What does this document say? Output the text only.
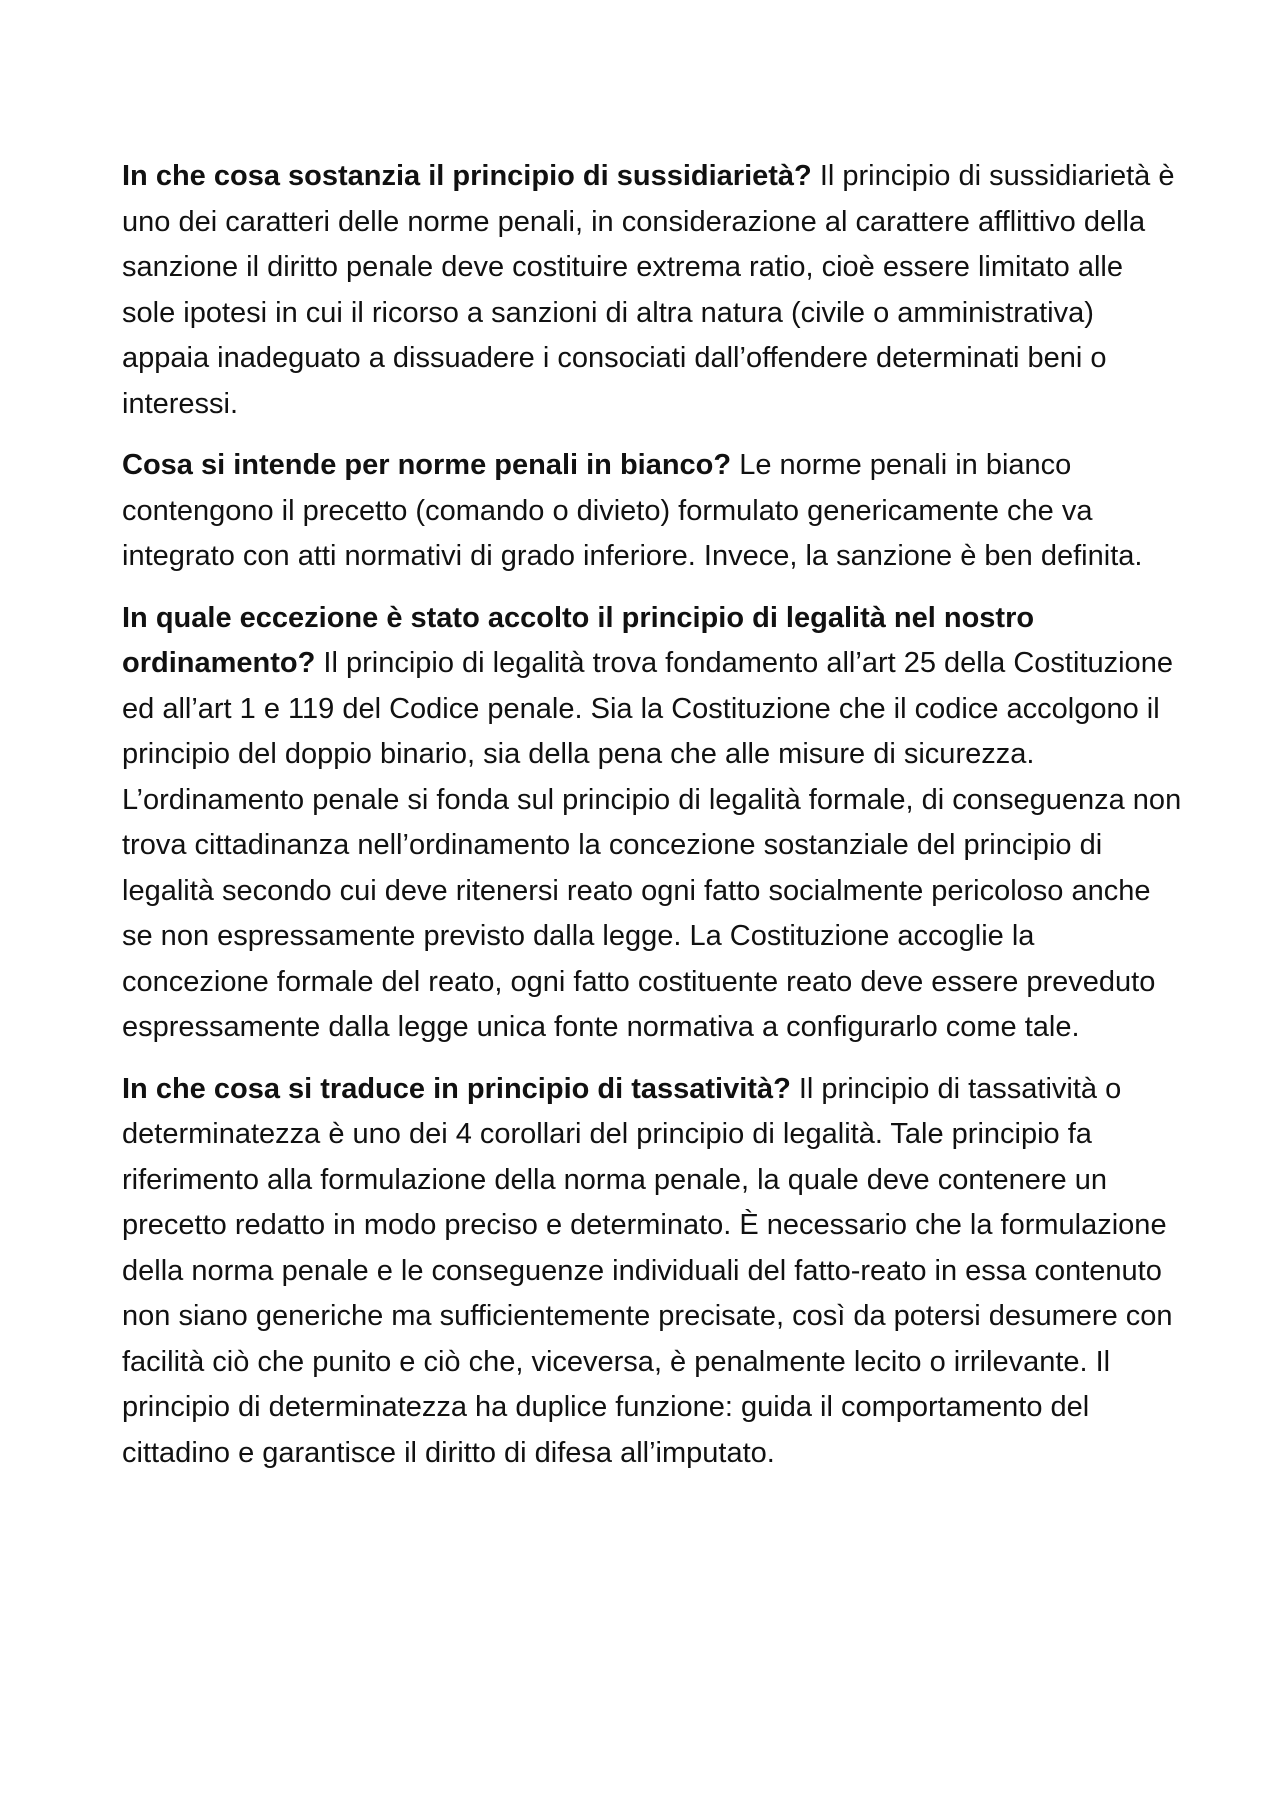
In che cosa sostanzia il principio di sussidiarietà? Il principio di sussidiarietà è uno dei caratteri delle norme penali, in considerazione al carattere afflittivo della sanzione il diritto penale deve costituire extrema ratio, cioè essere limitato alle sole ipotesi in cui il ricorso a sanzioni di altra natura (civile o amministrativa) appaia inadeguato a dissuadere i consociati dall’offendere determinati beni o interessi.

Cosa si intende per norme penali in bianco? Le norme penali in bianco contengono il precetto (comando o divieto) formulato genericamente che va integrato con atti normativi di grado inferiore. Invece, la sanzione è ben definita.

In quale eccezione è stato accolto il principio di legalità nel nostro ordinamento? Il principio di legalità trova fondamento all’art 25 della Costituzione ed all’art 1 e 119 del Codice penale. Sia la Costituzione che il codice accolgono il principio del doppio binario, sia della pena che alle misure di sicurezza. L’ordinamento penale si fonda sul principio di legalità formale, di conseguenza non trova cittadinanza nell’ordinamento la concezione sostanziale del principio di legalità secondo cui deve ritenersi reato ogni fatto socialmente pericoloso anche se non espressamente previsto dalla legge. La Costituzione accoglie la concezione formale del reato, ogni fatto costituente reato deve essere preveduto espressamente dalla legge unica fonte normativa a configurarlo come tale.

In che cosa si traduce in principio di tassatività? Il principio di tassatività o determinatezza è uno dei 4 corollari del principio di legalità. Tale principio fa riferimento alla formulazione della norma penale, la quale deve contenere un precetto redatto in modo preciso e determinato. È necessario che la formulazione della norma penale e le conseguenze individuali del fatto-reato in essa contenuto non siano generiche ma sufficientemente precisate, così da potersi desumere con facilità ciò che punito e ciò che, viceversa, è penalmente lecito o irrilevante. Il principio di determinatezza ha duplice funzione: guida il comportamento del cittadino e garantisce il diritto di difesa all’imputato.
